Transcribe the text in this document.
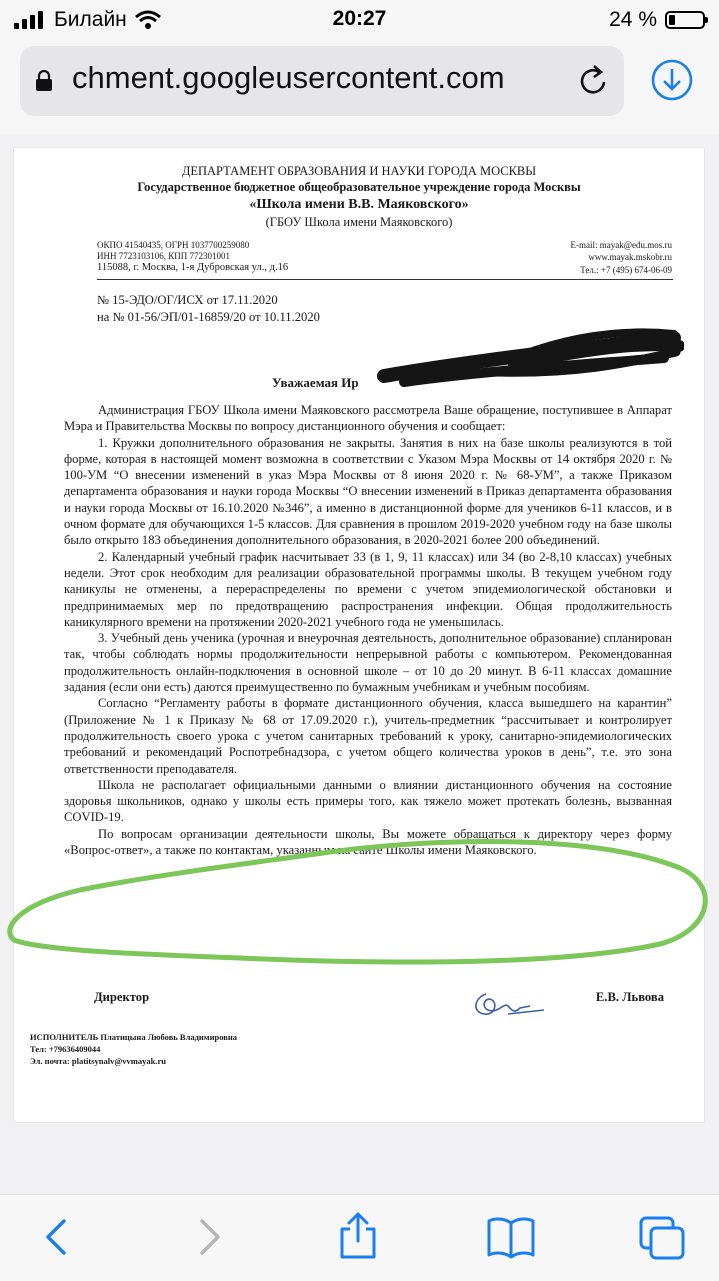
Билайн	20:27	24 %
chment.googleusercontent.com
ДЕПАРТАМЕНТ ОБРАЗОВАНИЯ И НАУКИ ГОРОДА МОСКВЫ
Государственное бюджетное общеобразовательное учреждение города Москвы
«Школа имени В.В. Маяковского»
(ГБОУ Школа имени Маяковского)
ОКПО 41540435, ОГРН 1037700259080
ИНН 7723103106, КПП 772301001
115088, г. Москва, 1-я Дубровская ул., д.16
E-mail: mayak@edu.mos.ru
www.mayak.mskobr.ru
Тел.: +7 (495) 674-06-09
№ 15-ЭДО/ОГ/ИСХ от 17.11.2020
на № 01-56/ЭП/01-16859/20 от 10.11.2020
Уважаемая Ир

Администрация ГБОУ Школа имени Маяковского рассмотрела Ваше обращение, поступившее в Аппарат Мэра и Правительства Москвы по вопросу дистанционного обучения и сообщает:

1. Кружки дополнительного образования не закрыты. Занятия в них на базе школы реализуются в той форме, которая в настоящей момент возможна в соответствии с Указом Мэра Москвы от 14 октября 2020 г. № 100-УМ “О внесении изменений в указ Мэра Москвы от 8 июня 2020 г. № 68-УМ”, а также Приказом департамента образования и науки города Москвы “О внесении изменений в Приказ департамента образования и науки города Москвы от 16.10.2020 №346”, а именно в дистанционной форме для учеников 6-11 классов, и в очном формате для обучающихся 1-5 классов. Для сравнения в прошлом 2019-2020 учебном году на базе школы было открыто 183 объединения дополнительного образования, в 2020-2021 более 200 объединений.

2. Календарный учебный график насчитывает 33 (в 1, 9, 11 классах) или 34 (во 2-8,10 классах) учебных недели. Этот срок необходим для реализации образовательной программы школы. В текущем учебном году каникулы не отменены, а перераспределены по времени с учетом эпидемиологической обстановки и предпринимаемых мер по предотвращению распространения инфекции. Общая продолжительность каникулярного времени на протяжении 2020-2021 учебного года не уменьшилась.

3. Учебный день ученика (урочная и внеурочная деятельность, дополнительное образование) спланирован так, чтобы соблюдать нормы продолжительности непрерывной работы с компьютером. Рекомендованная продолжительность онлайн-подключения в основной школе – от 10 до 20 минут. В 6-11 классах домашние задания (если они есть) даются преимущественно по бумажным учебникам и учебным пособиям.

Согласно “Регламенту работы в формате дистанционного обучения, класса вышедшего на карантин” (Приложение № 1 к Приказу № 68 от 17.09.2020 г.), учитель-предметник “рассчитывает и контролирует продолжительность своего урока с учетом санитарных требований к уроку, санитарно-эпидемиологических требований и рекомендаций Роспотребнадзора, с учетом общего количества уроков в день”, т.е. это зона ответственности преподавателя.

Школа не располагает официальными данными о влиянии дистанционного обучения на состояние здоровья школьников, однако у школы есть примеры того, как тяжело может протекать болезнь, вызванная COVID-19.

По вопросам организации деятельности школы, Вы можете обращаться к директору через форму «Вопрос-ответ», а также по контактам, указанным на сайте Школы имени Маяковского.

Директор	Е.В. Львова
ИСПОЛНИТЕЛЬ Платицына Любовь Владимировна
Тел: +79636409044
Эл. почта: platitsynalv@vvmayak.ru
